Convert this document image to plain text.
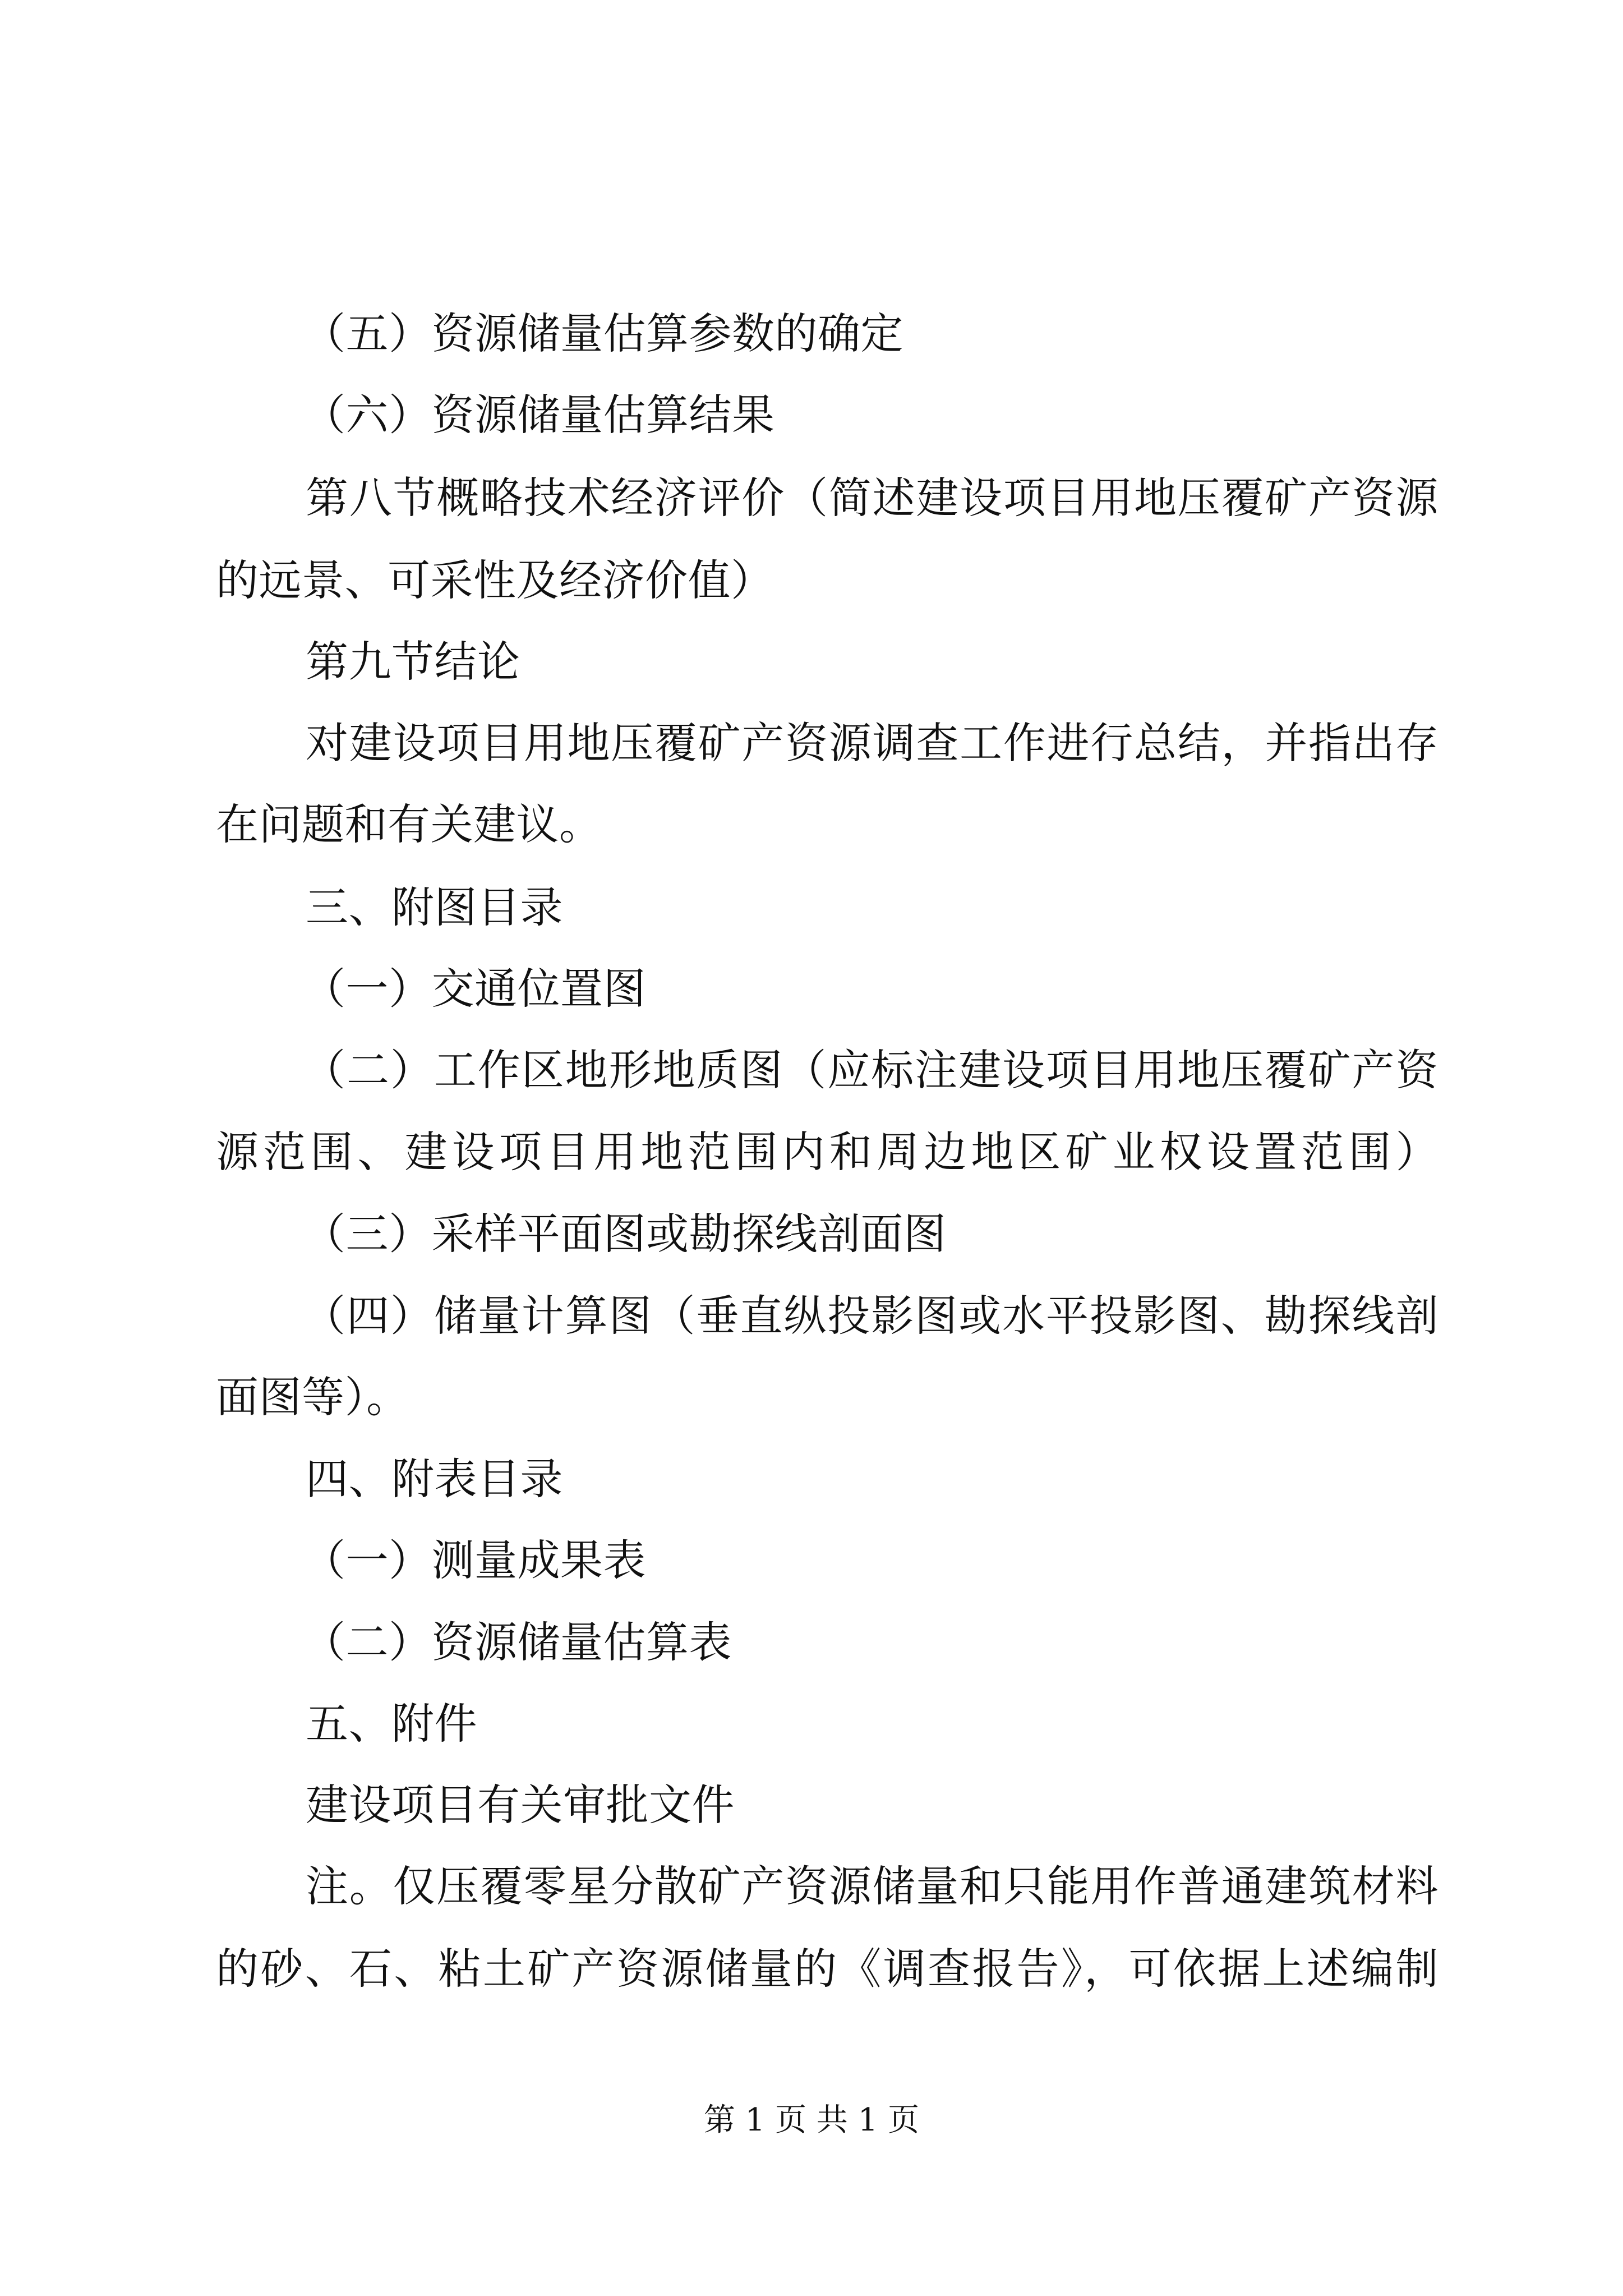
（五）资源储量估算参数的确定
（六）资源储量估算结果
第八节概略技术经济评价（简述建设项目用地压覆矿产资源
的远景、可采性及经济价值）
第九节结论
对建设项目用地压覆矿产资源调查工作进行总结，并指出存
在问题和有关建议。
三、附图目录
（一）交通位置图
（二）工作区地形地质图（应标注建设项目用地压覆矿产资
源范围、建设项目用地范围内和周边地区矿业权设置范围）
（三）采样平面图或勘探线剖面图
（四）储量计算图（垂直纵投影图或水平投影图、勘探线剖
面图等）。
四、附表目录
（一）测量成果表
（二）资源储量估算表
五、附件
建设项目有关审批文件
注。仅压覆零星分散矿产资源储量和只能用作普通建筑材料
的砂、石、粘土矿产资源储量的《调查报告》，可依据上述编制
第 1 页 共 1 页
